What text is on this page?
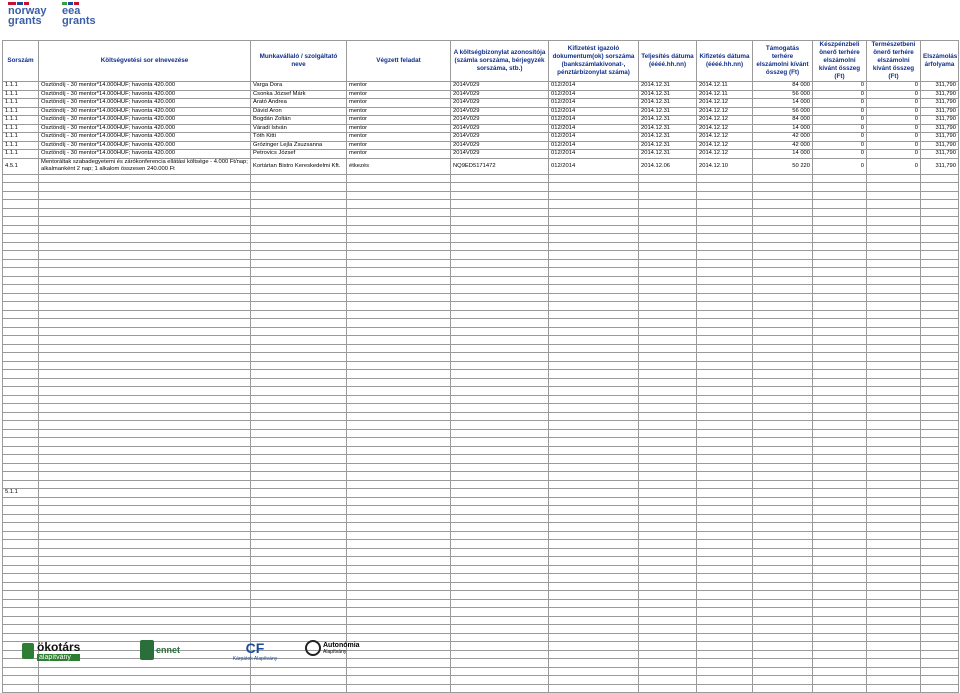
norway
grants
eea
grants
Sorszám	Költségvetési sor elnevezése	Munkavállaló / szolgáltató neve	Végzett feladat	A költségbizonylat azonosítója (számla sorszáma, bérjegyzék sorszáma, stb.)	Kifizetést igazoló dokumentum(ok) sorszáma (bankszámlakivonat-, pénztárbizonylat száma)	Teljesítés dátuma (éééé.hh.nn)	Kifizetés dátuma (éééé.hh.nn)	Támogatás terhére elszámolni kívánt összeg (Ft)	Készpénzbeli önerő terhére elszámolni kívánt összeg (Ft)	Természetbeni önerő terhére elszámolni kívánt összeg (Ft)	Elszámolás árfolyama
1.1.1	Ösztöndíj - 30 mentor*14.000HUF; havonta 420.000	Varga Dora	mentor	2014V029	012/2014	2014.12.31	2014.12.11	84 000	0	0	311,790
1.1.1	Ösztöndíj - 30 mentor*14.000HUF; havonta 420.000	Csonka József Márk	mentor	2014V029	012/2014	2014.12.31	2014.12.11	56 000	0	0	311,790
1.1.1	Ösztöndíj - 30 mentor*14.000HUF; havonta 420.000	Arató Andrea	mentor	2014V029	012/2014	2014.12.31	2014.12.12	14 000	0	0	311,790
1.1.1	Ösztöndíj - 30 mentor*14.000HUF; havonta 420.000	Dávid Áron	mentor	2014V029	012/2014	2014.12.31	2014.12.12	56 000	0	0	311,790
1.1.1	Ösztöndíj - 30 mentor*14.000HUF; havonta 420.000	Bogdán Zoltán	mentor	2014V029	012/2014	2014.12.31	2014.12.12	84 000	0	0	311,790
1.1.1	Ösztöndíj - 30 mentor*14.000HUF; havonta 420.000	Váradi István	mentor	2014V029	012/2014	2014.12.31	2014.12.12	14 000	0	0	311,790
1.1.1	Ösztöndíj - 30 mentor*14.000HUF; havonta 420.000	Tóth Kitti	mentor	2014V029	012/2014	2014.12.31	2014.12.12	42 000	0	0	311,790
1.1.1	Ösztöndíj - 30 mentor*14.000HUF; havonta 420.000	Grózinger Lejla Zsuzsanna	mentor	2014V029	012/2014	2014.12.31	2014.12.12	42 000	0	0	311,790
1.1.1	Ösztöndíj - 30 mentor*14.000HUF; havonta 420.000	Petrovics József	mentor	2014V029	012/2014	2014.12.31	2014.12.12	14 000	0	0	311,790
4.5.1	Mentoráltak szabadegyetemi és zárókonferencia ellátási költsége - 4.000 Ft/nap; alkalmanként 2 nap; 1 alkalom összesen 240.000 Ft	Kortártan Bistro Kereskedelmi Kft.	étkezés	NQ9ED5171472	012/2014	2014.12.06	2014.12.10	50 220	0	0	311,790

5.1.1											

ökotárs
alapítvány
ennet	CF
Kárpátok Alapítvány
Autonómia
Alapítvány
